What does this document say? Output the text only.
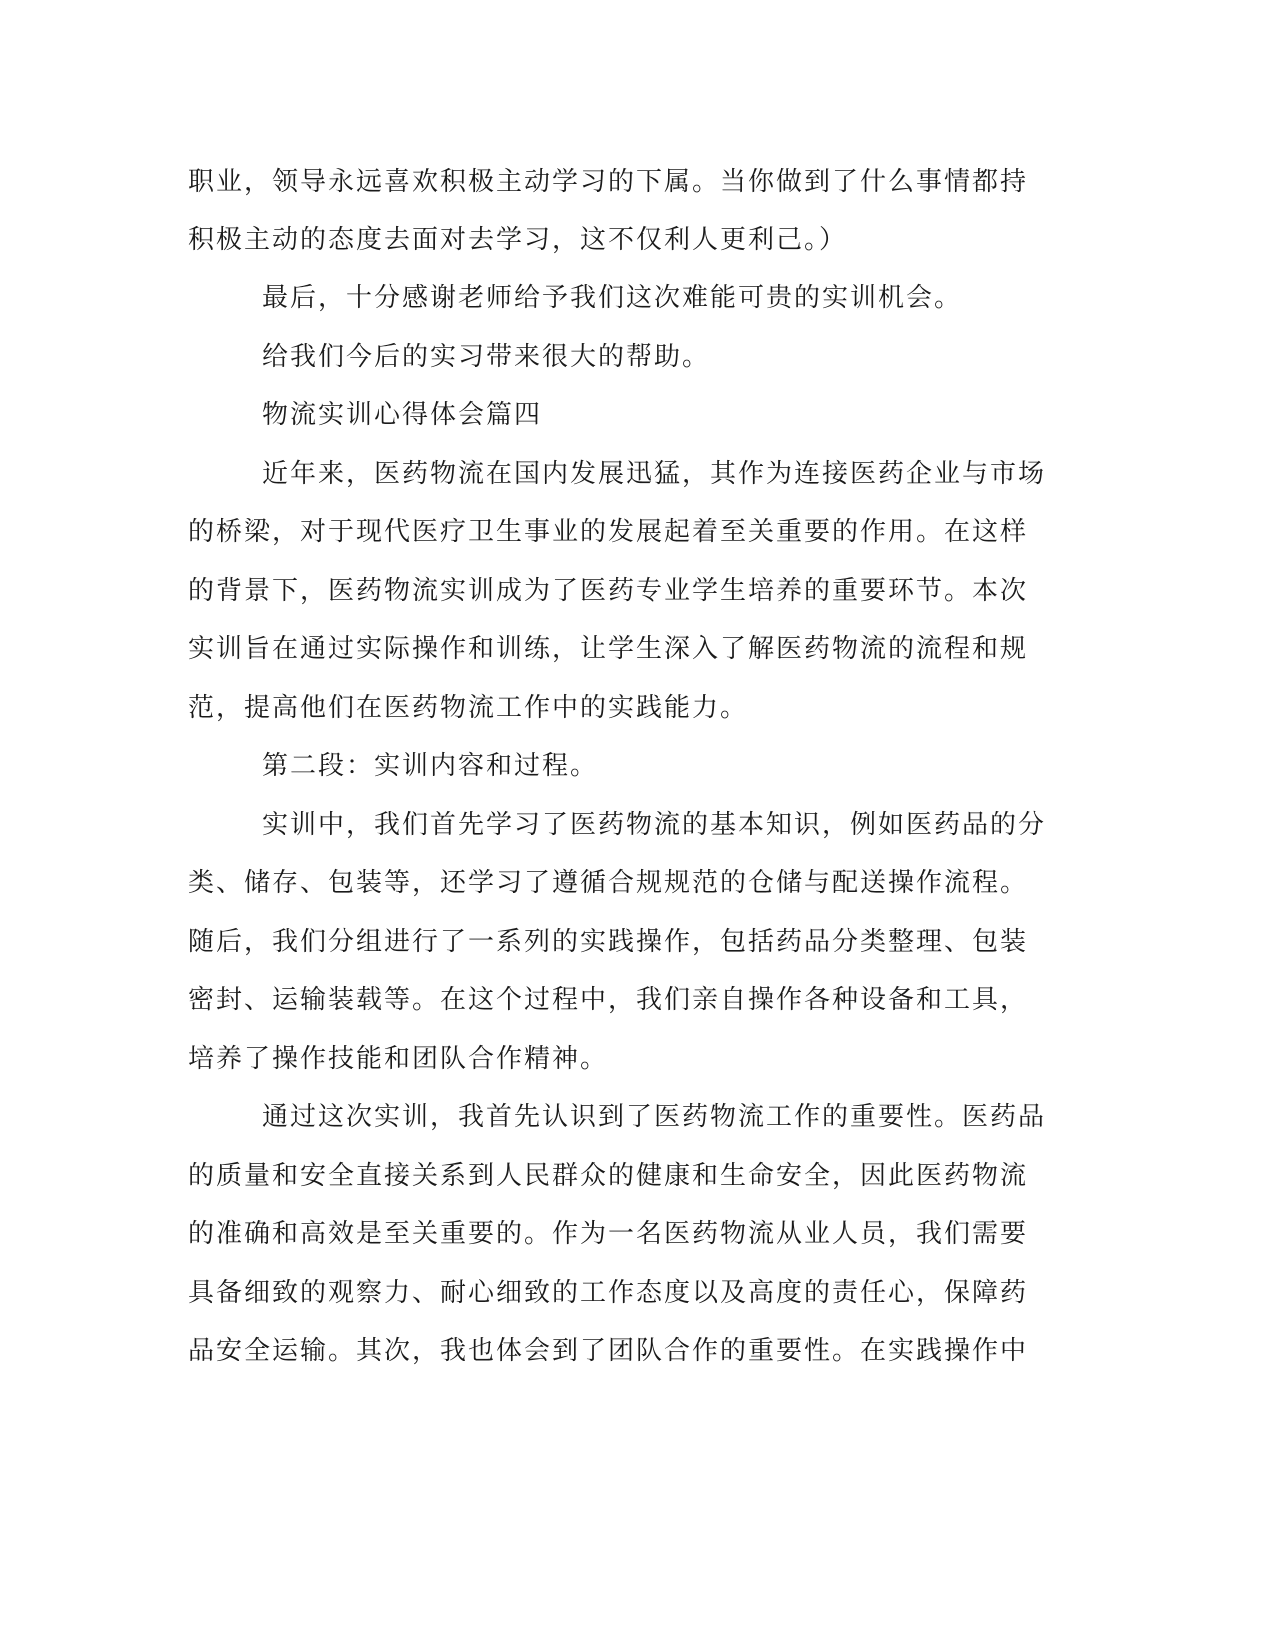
职业，领导永远喜欢积极主动学习的下属。当你做到了什么事情都持
积极主动的态度去面对去学习，这不仅利人更利己。）
最后，十分感谢老师给予我们这次难能可贵的实训机会。
给我们今后的实习带来很大的帮助。
物流实训心得体会篇四
近年来，医药物流在国内发展迅猛，其作为连接医药企业与市场
的桥梁，对于现代医疗卫生事业的发展起着至关重要的作用。在这样
的背景下，医药物流实训成为了医药专业学生培养的重要环节。本次
实训旨在通过实际操作和训练，让学生深入了解医药物流的流程和规
范，提高他们在医药物流工作中的实践能力。
第二段：实训内容和过程。
实训中，我们首先学习了医药物流的基本知识，例如医药品的分
类、储存、包装等，还学习了遵循合规规范的仓储与配送操作流程。
随后，我们分组进行了一系列的实践操作，包括药品分类整理、包装
密封、运输装载等。在这个过程中，我们亲自操作各种设备和工具，
培养了操作技能和团队合作精神。
通过这次实训，我首先认识到了医药物流工作的重要性。医药品
的质量和安全直接关系到人民群众的健康和生命安全，因此医药物流
的准确和高效是至关重要的。作为一名医药物流从业人员，我们需要
具备细致的观察力、耐心细致的工作态度以及高度的责任心，保障药
品安全运输。其次，我也体会到了团队合作的重要性。在实践操作中
